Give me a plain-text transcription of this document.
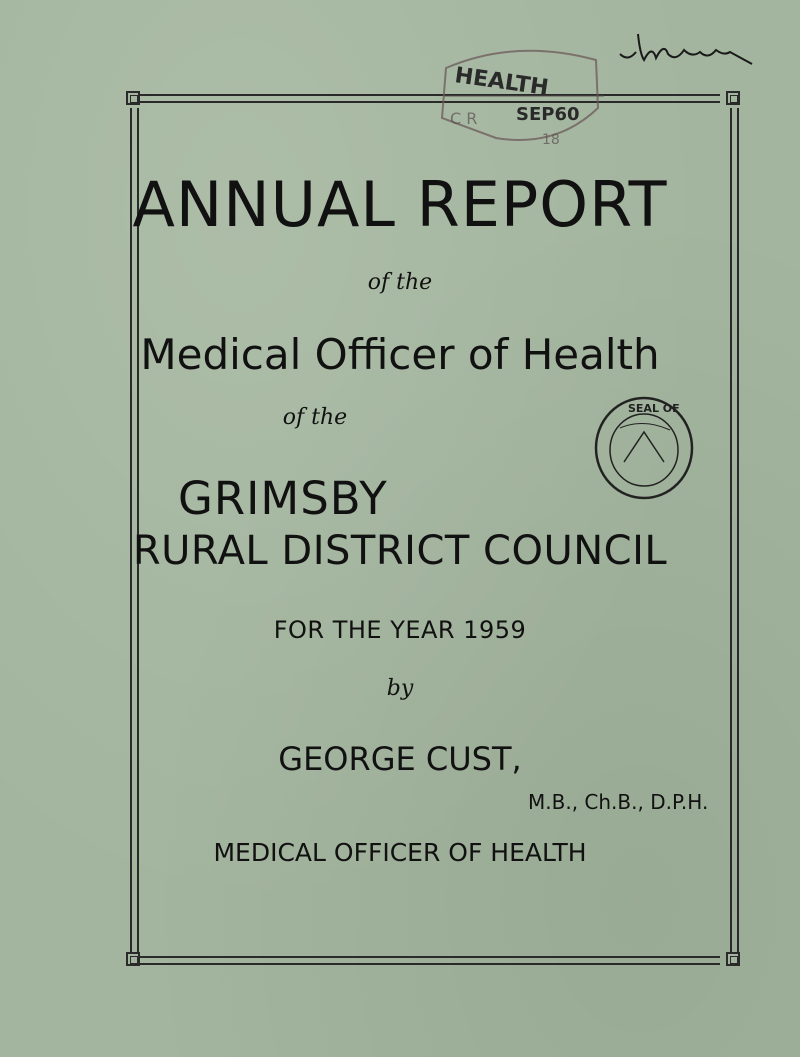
HEALTH
SEP60
C R
18
ANNUAL REPORT
of the
Medical Officer of Health
of the
GRIMSBY
SEAL OF
RURAL DISTRICT COUNCIL
FOR THE YEAR 1959
by
GEORGE CUST,
M.B., Ch.B., D.P.H.
MEDICAL OFFICER OF HEALTH
